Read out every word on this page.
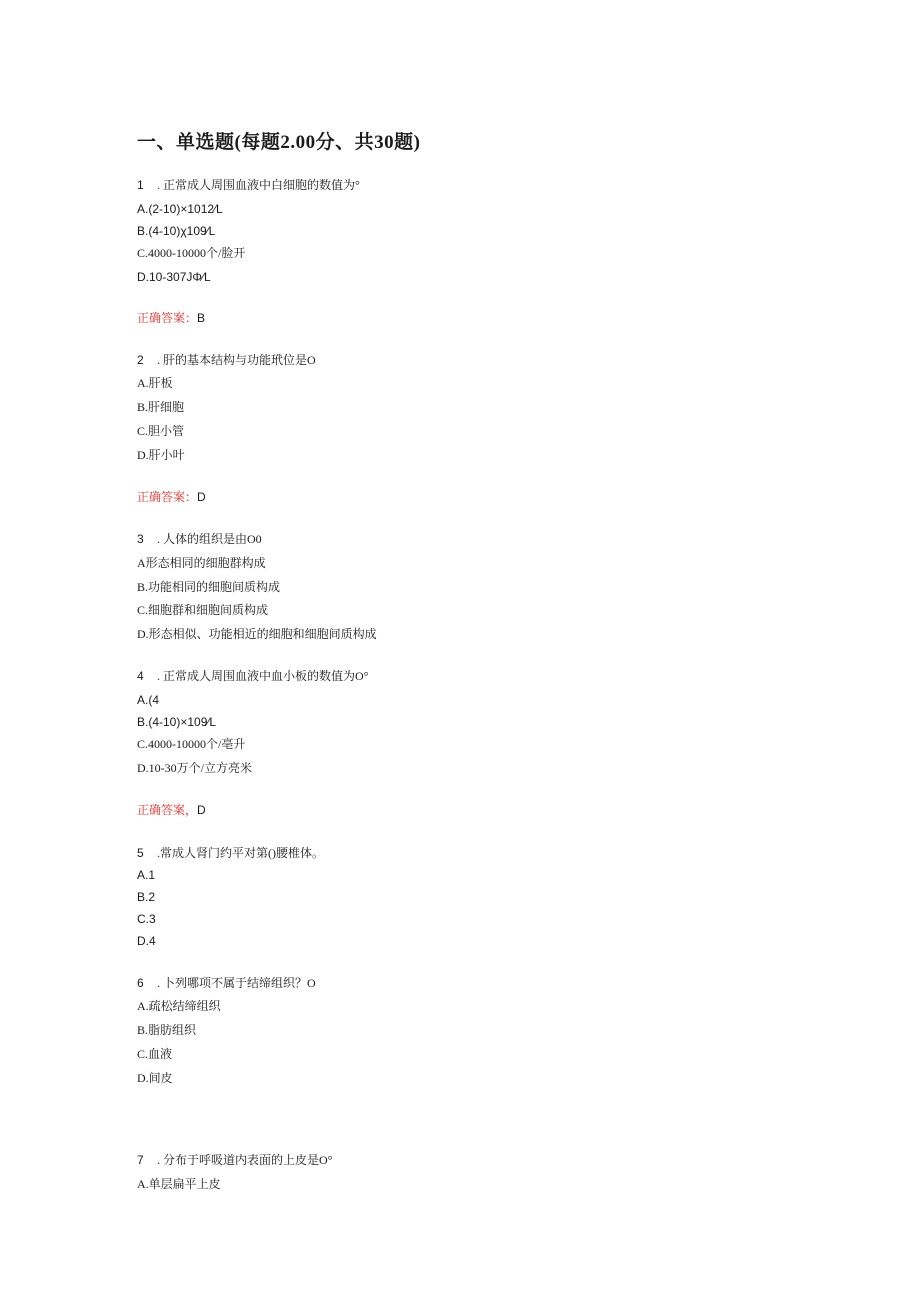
一、单选题(每题2.00分、共30题)
1 . 正常成人周围血液中白细胞的数值为°
A.(2-10)×1012∕L
B.(4-10)χ109∕L
C.4000-10000个/脸开
D.10-307JΦ∕L
正确答案：B
2 . 肝的基本结构与功能玳位是O
A.肝板
B.肝细胞
C.胆小管
D.肝小叶
正确答案：D
3 . 人体的组织是由O0
A形态相同的细胞群构成
B.功能相同的细胞间质构成
C.细胞群和细胞间质构成
D.形态相似、功能相近的细胞和细胞间质构成
4 . 正常成人周围血液中血小板的数值为O°
A.(4
B.(4-10)×109∕L
C.4000-10000个/亳升
D.10-30万个/立方亮米
正确答案，D
5 .常成人肾门约平对第()腰椎体。
A.1
B.2
C.3
D.4
6 . 卜列哪项不属于结缔组织？O
A.疏松结缔组织
B.脂肪组织
C.血液
D.间皮
7 . 分布于呼吸道内表面的上皮是O°
A.单层扁平上皮
